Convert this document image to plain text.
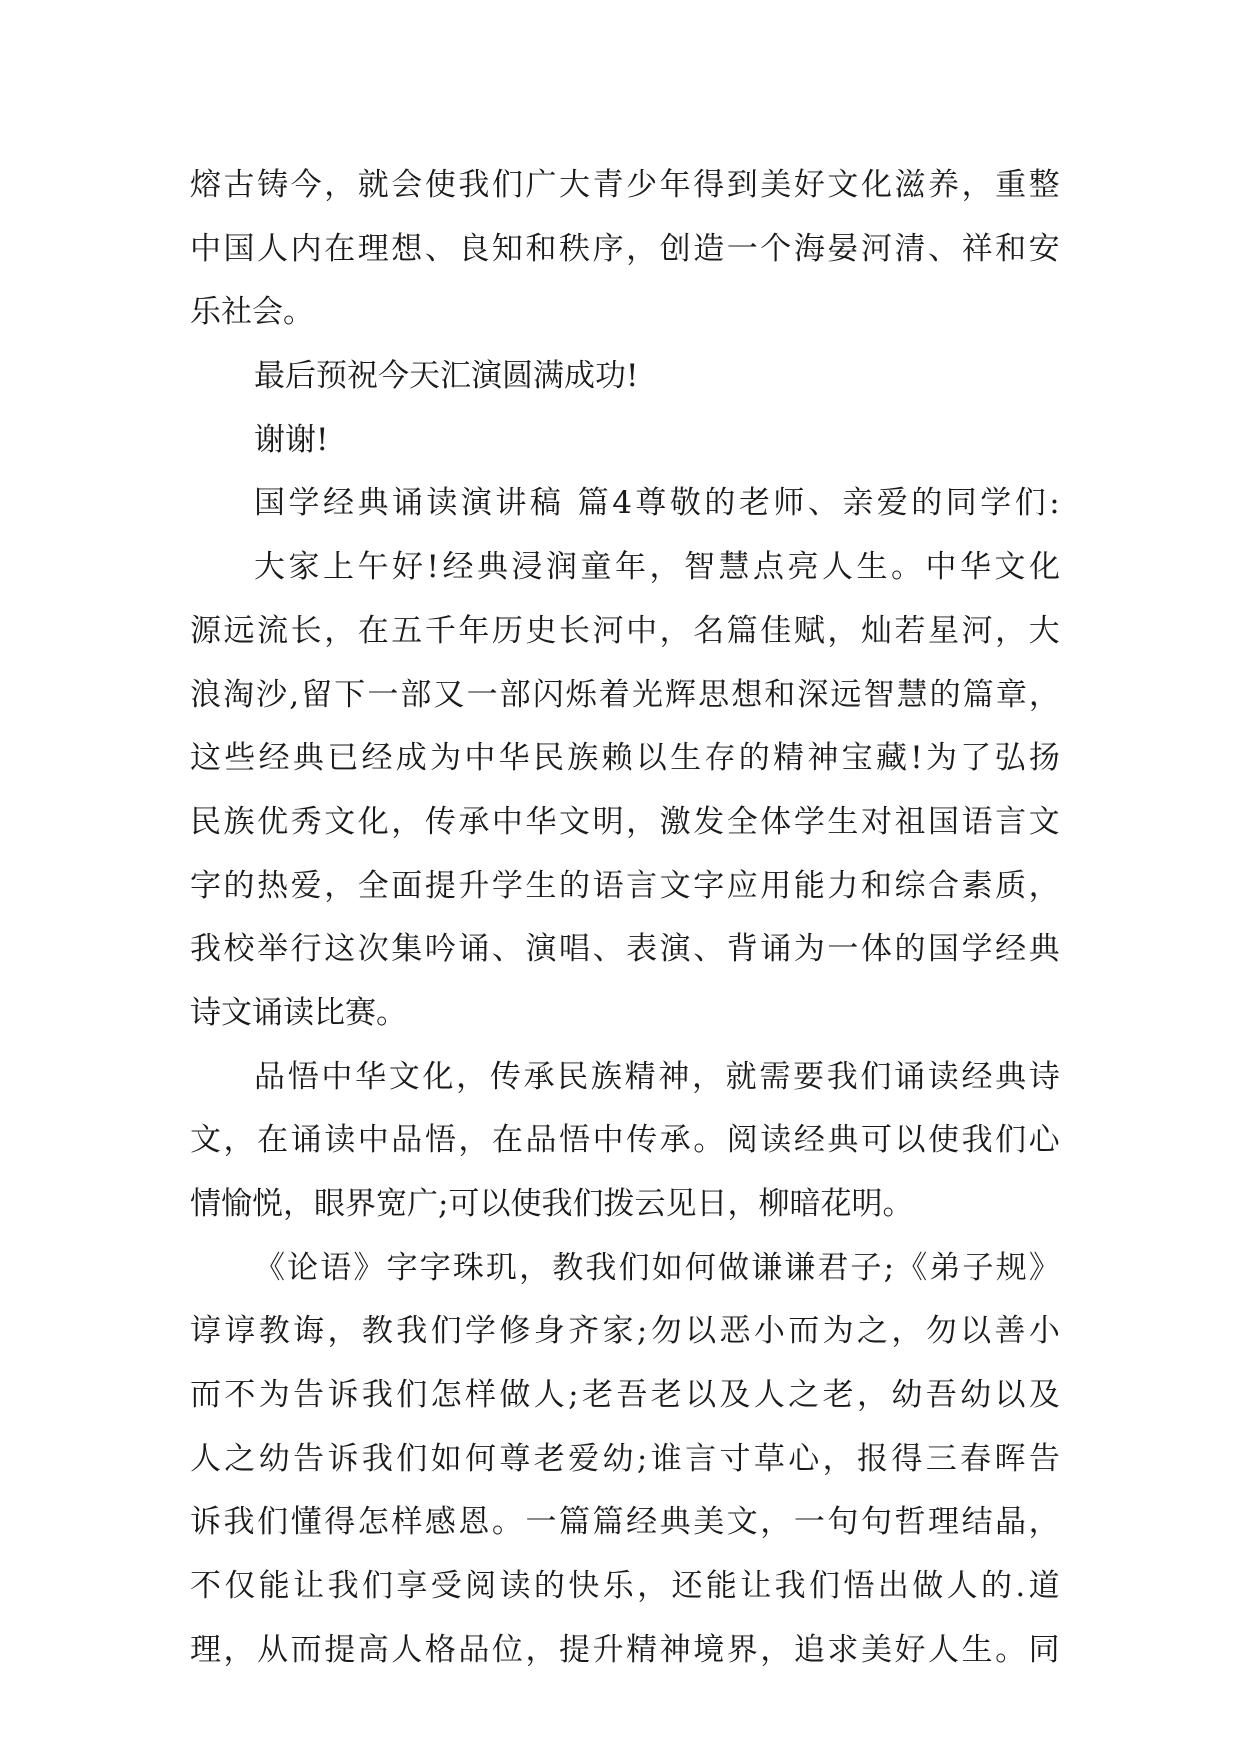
熔 古 铸 今 ， 就 会 使 我 们 广 大 青 少 年 得 到 美 好 文 化 滋 养 ， 重 整
中 国 人 内 在 理 想 、 良 知 和 秩 序 ， 创 造 一 个 海 晏 河 清 、 祥 和 安
乐 社 会 。
最 后 预 祝 今 天 汇 演 圆 满 成 功 !
谢 谢 !
国 学 经 典 诵 读 演 讲 稿
篇 4 尊 敬 的 老 师 、 亲 爱 的 同 学 们 :
大 家 上 午 好 ! 经 典 浸 润 童 年 ， 智 慧 点 亮 人 生 。 中 华 文 化
源 远 流 长 ， 在 五 千 年 历 史 长 河 中 ， 名 篇 佳 赋 ， 灿 若 星 河 ， 大
浪 淘 沙 , 留 下 一 部 又 一 部 闪 烁 着 光 辉 思 想 和 深 远 智 慧 的 篇 章 ，
这 些 经 典 已 经 成 为 中 华 民 族 赖 以 生 存 的 精 神 宝 藏 ! 为 了 弘 扬
民 族 优 秀 文 化 ， 传 承 中 华 文 明 ， 激 发 全 体 学 生 对 祖 国 语 言 文
字 的 热 爱 ， 全 面 提 升 学 生 的 语 言 文 字 应 用 能 力 和 综 合 素 质 ，
我 校 举 行 这 次 集 吟 诵 、 演 唱 、 表 演 、 背 诵 为 一 体 的 国 学 经 典
诗 文 诵 读 比 赛 。
品 悟 中 华 文 化 ， 传 承 民 族 精 神 ， 就 需 要 我 们 诵 读 经 典 诗
文 ， 在 诵 读 中 品 悟 ， 在 品 悟 中 传 承 。 阅 读 经 典 可 以 使 我 们 心
情 愉 悦 ， 眼 界 宽 广 ; 可 以 使 我 们 拨 云 见 日 ， 柳 暗 花 明 。
《 论 语 》 字 字 珠 玑 ， 教 我 们 如 何 做 谦 谦 君 子 ; 《 弟 子 规 》
谆 谆 教 诲 ， 教 我 们 学 修 身 齐 家 ; 勿 以 恶 小 而 为 之 ， 勿 以 善 小
而 不 为 告 诉 我 们 怎 样 做 人 ; 老 吾 老 以 及 人 之 老 ， 幼 吾 幼 以 及
人 之 幼 告 诉 我 们 如 何 尊 老 爱 幼 ; 谁 言 寸 草 心 ， 报 得 三 春 晖 告
诉 我 们 懂 得 怎 样 感 恩 。 一 篇 篇 经 典 美 文 ， 一 句 句 哲 理 结 晶 ，
不 仅 能 让 我 们 享 受 阅 读 的 快 乐 ， 还 能 让 我 们 悟 出 做 人 的 . 道
理 ， 从 而 提 高 人 格 品 位 ， 提 升 精 神 境 界 ， 追 求 美 好 人 生 。 同
